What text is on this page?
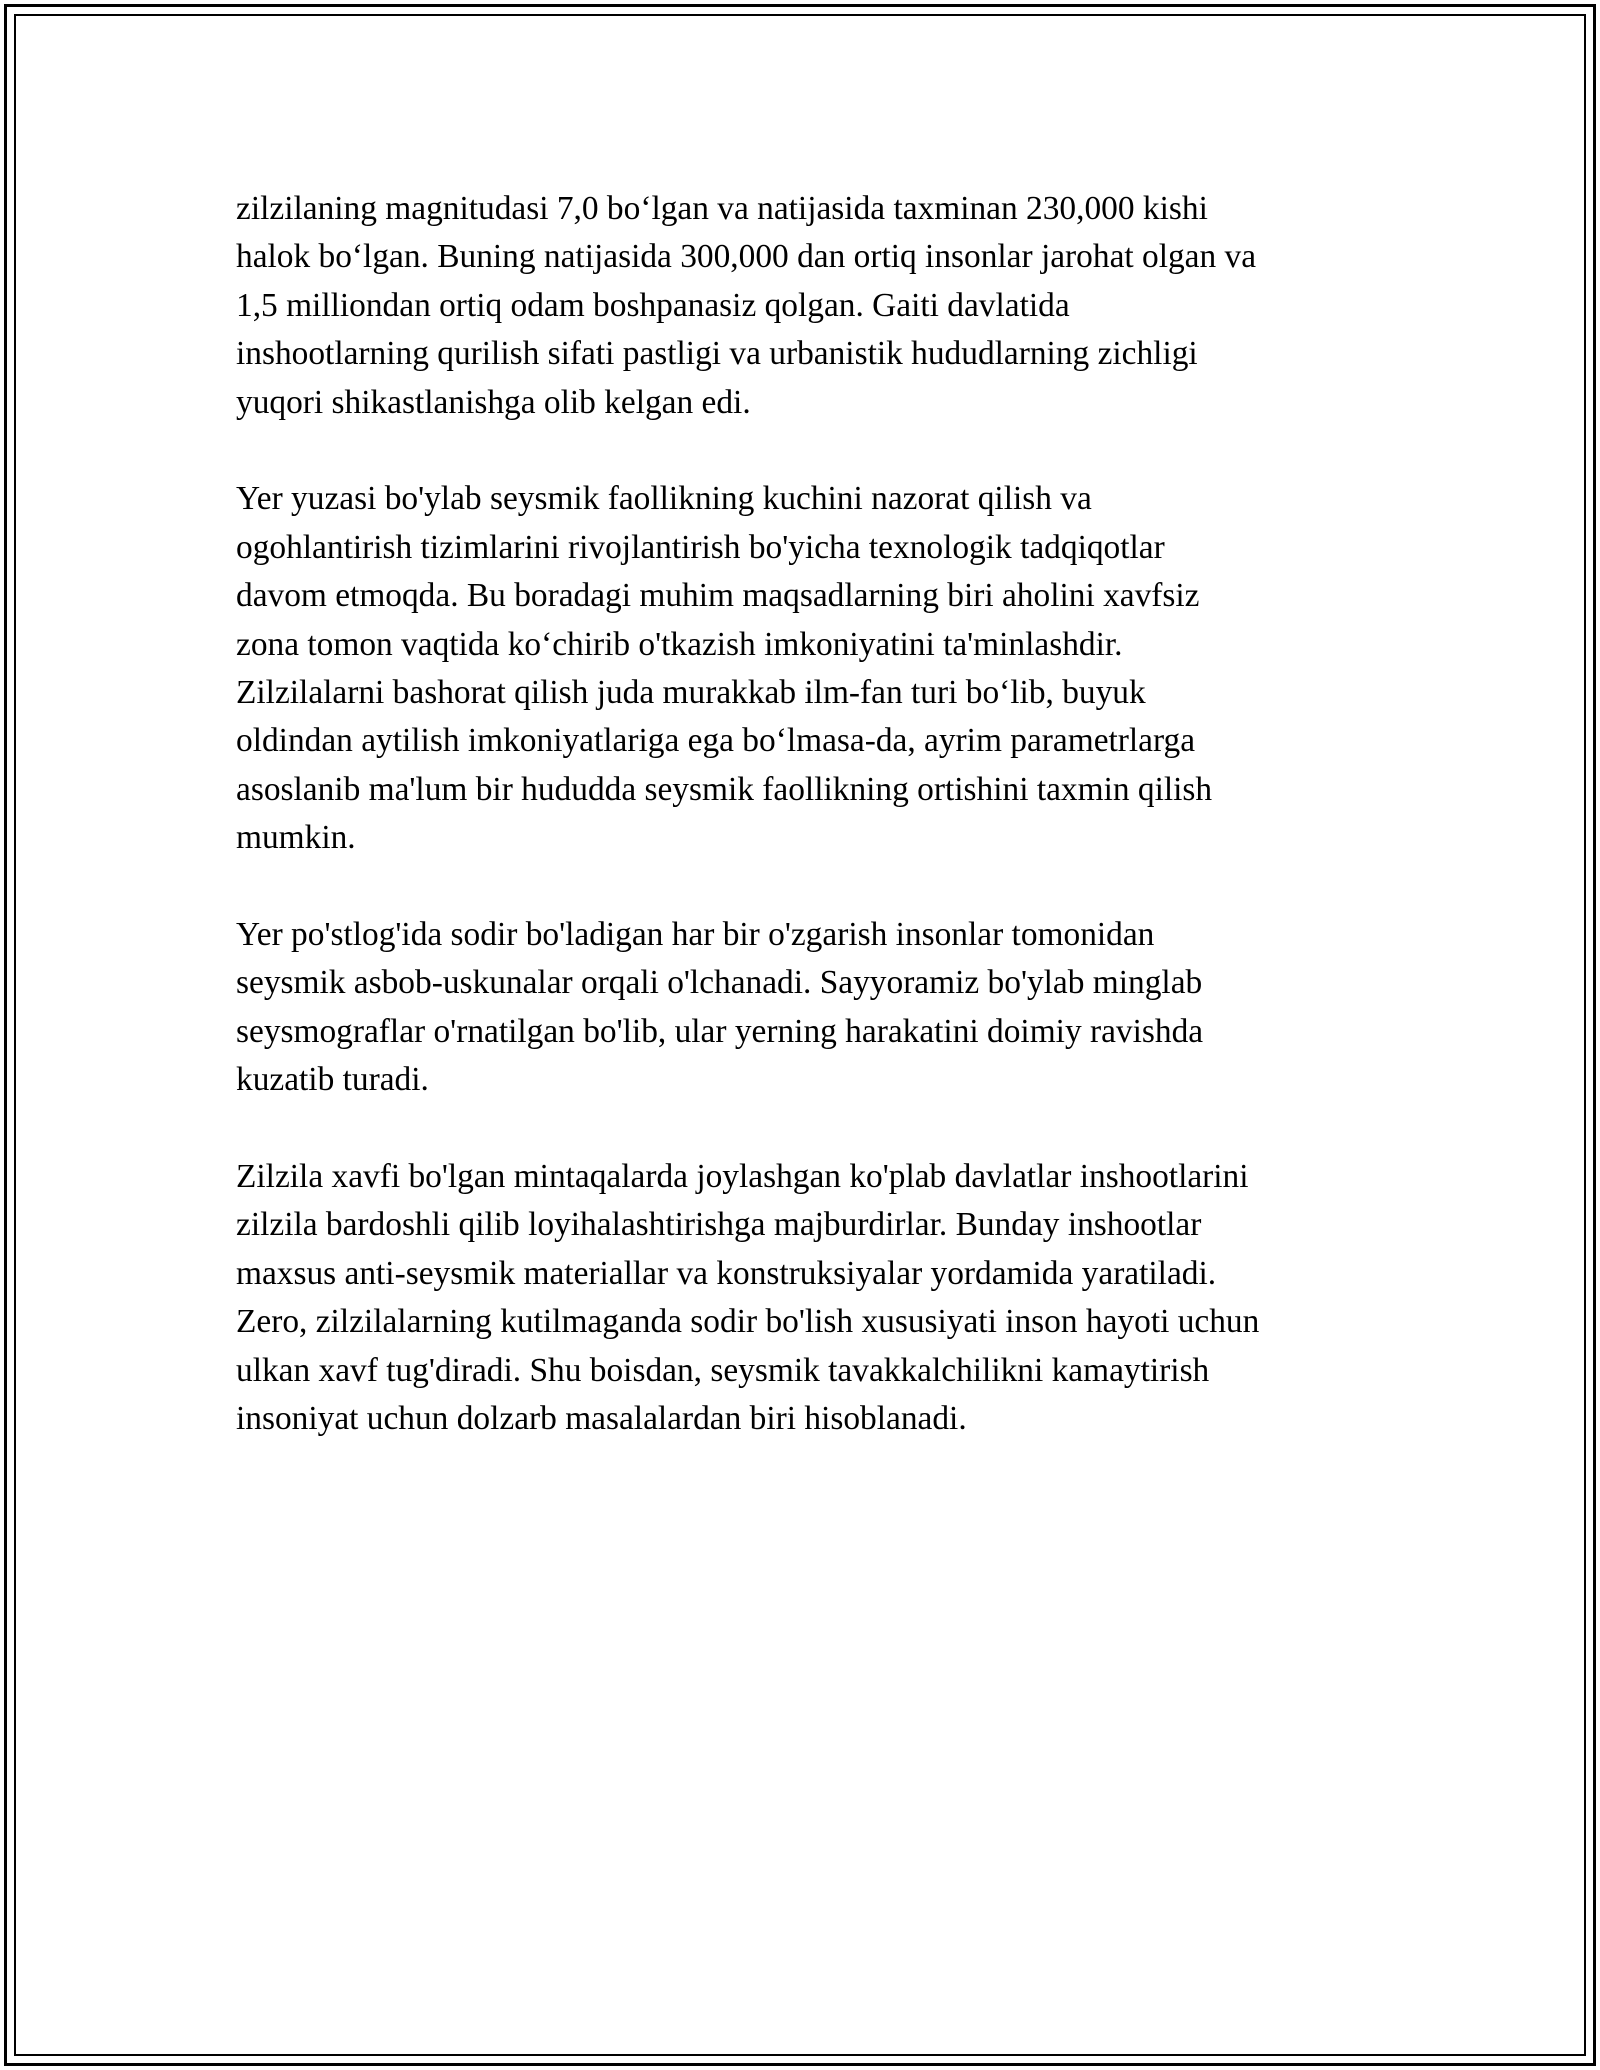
zilzilaning magnitudasi 7,0 bo‘lgan va natijasida taxminan 230,000 kishi
halok bo‘lgan. Buning natijasida 300,000 dan ortiq insonlar jarohat olgan va
1,5 milliondan ortiq odam boshpanasiz qolgan. Gaiti davlatida
inshootlarning qurilish sifati pastligi va urbanistik hududlarning zichligi
yuqori shikastlanishga olib kelgan edi.

Yer yuzasi bo'ylab seysmik faollikning kuchini nazorat qilish va
ogohlantirish tizimlarini rivojlantirish bo'yicha texnologik tadqiqotlar
davom etmoqda. Bu boradagi muhim maqsadlarning biri aholini xavfsiz
zona tomon vaqtida ko‘chirib o'tkazish imkoniyatini ta'minlashdir.
Zilzilalarni bashorat qilish juda murakkab ilm-fan turi bo‘lib, buyuk
oldindan aytilish imkoniyatlariga ega bo‘lmasa-da, ayrim parametrlarga
asoslanib ma'lum bir hududda seysmik faollikning ortishini taxmin qilish
mumkin.

Yer po'stlog'ida sodir bo'ladigan har bir o'zgarish insonlar tomonidan
seysmik asbob-uskunalar orqali o'lchanadi. Sayyoramiz bo'ylab minglab
seysmograflar o'rnatilgan bo'lib, ular yerning harakatini doimiy ravishda
kuzatib turadi.

Zilzila xavfi bo'lgan mintaqalarda joylashgan ko'plab davlatlar inshootlarini
zilzila bardoshli qilib loyihalashtirishga majburdirlar. Bunday inshootlar
maxsus anti-seysmik materiallar va konstruksiyalar yordamida yaratiladi.
Zero, zilzilalarning kutilmaganda sodir bo'lish xususiyati inson hayoti uchun
ulkan xavf tug'diradi. Shu boisdan, seysmik tavakkalchilikni kamaytirish
insoniyat uchun dolzarb masalalardan biri hisoblanadi.
